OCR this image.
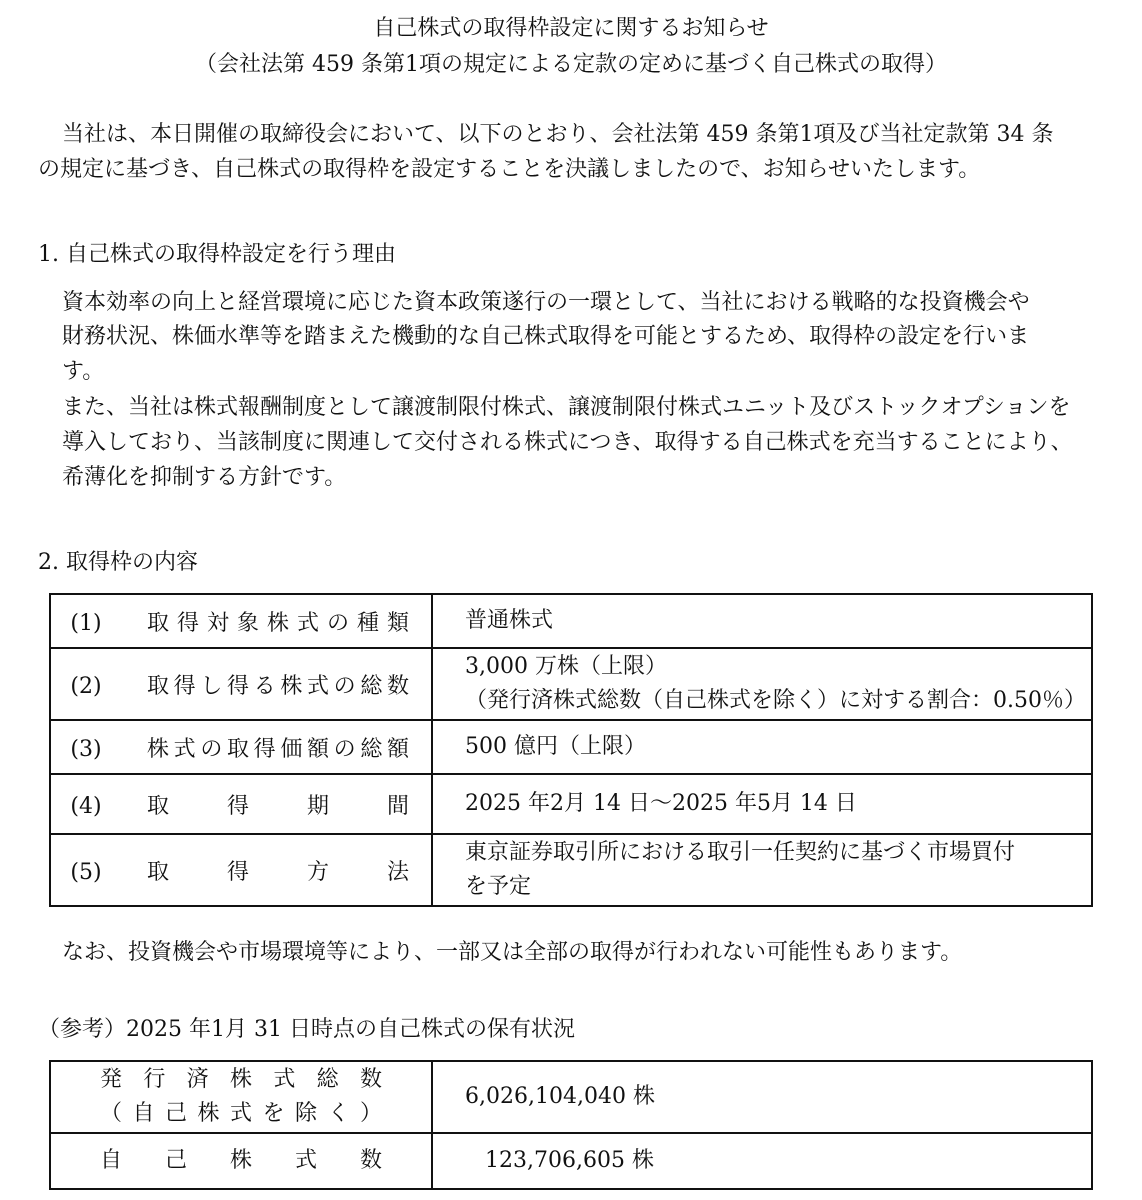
自己株式の取得枠設定に関するお知らせ
（会社法第 459 条第1項の規定による定款の定めに基づく自己株式の取得）
当社は、本日開催の取締役会において、以下のとおり、会社法第 459 条第1項及び当社定款第 34 条
の規定に基づき、自己株式の取得枠を設定することを決議しましたので、お知らせいたします。
1. 自己株式の取得枠設定を行う理由
資本効率の向上と経営環境に応じた資本政策遂行の一環として、当社における戦略的な投資機会や
財務状況、株価水準等を踏まえた機動的な自己株式取得を可能とするため、取得枠の設定を行いま
す。
また、当社は株式報酬制度として譲渡制限付株式、譲渡制限付株式ユニット及びストックオプションを
導入しており、当該制度に関連して交付される株式につき、取得する自己株式を充当することにより、
希薄化を抑制する方針です。
2. 取得枠の内容
(1) 取得対象株式の種類	普通株式

(2) 取得し得る株式の総数	3,000 万株（上限）
（発行済株式総数（自己株式を除く）に対する割合：0.50％）

(3) 株式の取得価額の総額	500 億円（上限）

(4) 取得期間	2025 年2月 14 日～2025 年5月 14 日

(5) 取得方法	東京証券取引所における取引一任契約に基づく市場買付
を予定
なお、投資機会や市場環境等により、一部又は全部の取得が行われない可能性もあります。
（参考）2025 年1月 31 日時点の自己株式の保有状況
発行済株式総数
（自己株式を除く）	6,026,104,040 株

自己株式数	123,706,605 株
